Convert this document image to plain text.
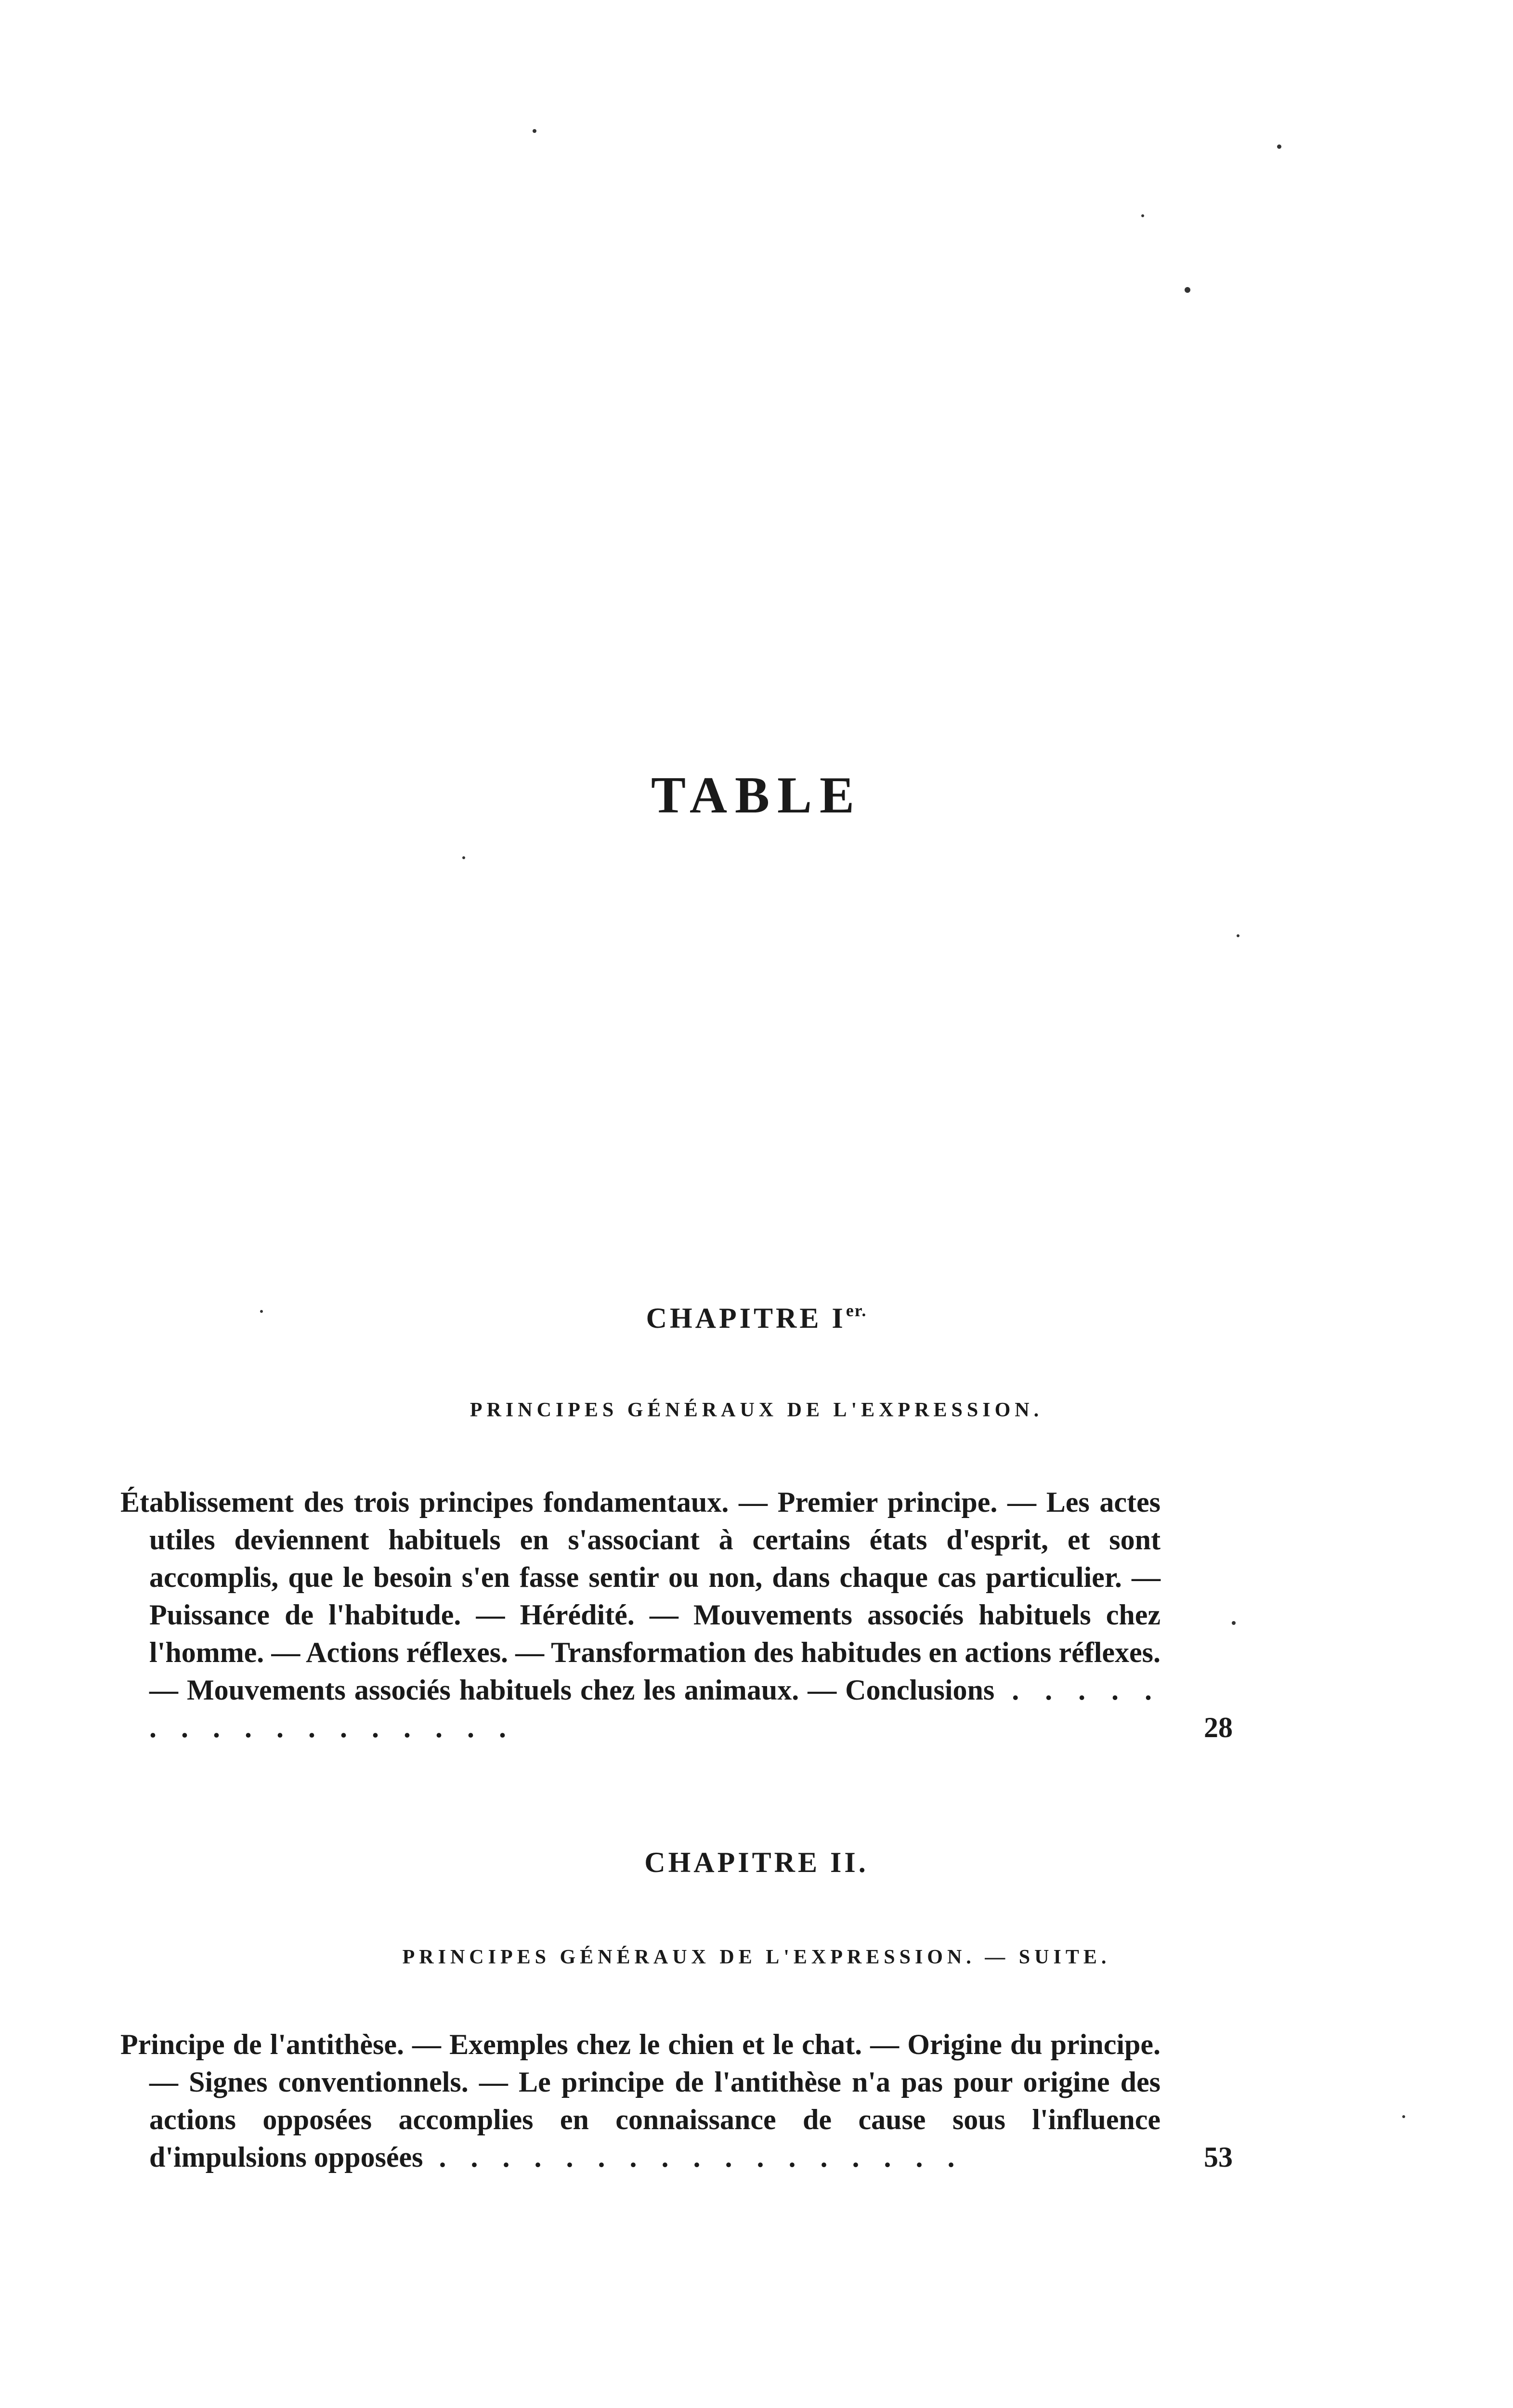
TABLE
CHAPITRE $I^{er.}$
PRINCIPES GÉNÉRAUX DE L'EXPRESSION.
Établissement des trois principes fondamentaux. — Premier principe. — Les actes utiles deviennent habituels en s'associant à certains états d'esprit, et sont accomplis, que le besoin s'en fasse sentir ou non, dans chaque cas particulier. — Puissance de l'habitude. — Hérédité. — Mouvements associés habituels chez l'homme. — Actions réflexes. — Transformation des habitudes en actions réflexes. — Mouvements associés habituels chez les animaux. — Conclusions . . . . . . . . . . . . . . . . .	28
CHAPITRE II.
PRINCIPES GÉNÉRAUX DE L'EXPRESSION. — SUITE.
Principe de l'antithèse. — Exemples chez le chien et le chat. — Origine du principe. — Signes conventionnels. — Le principe de l'antithèse n'a pas pour origine des actions opposées accomplies en connaissance de cause sous l'influence d'impulsions opposées . . . . . . . . . . . . . . . . .	53
